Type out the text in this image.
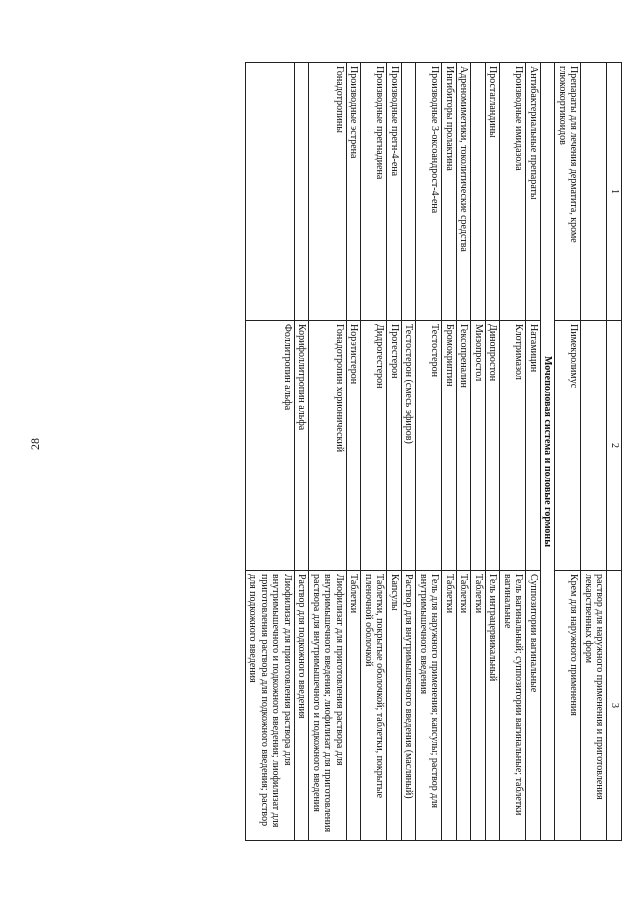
28
1	2	3
		раствор для наружного применения и приготовления лекарственных форм
Препараты для лечения дерматита, кроме глюкокортикоидов	Пимекролимус	Крем для наружного применения
Мочеполовая система и половые гормоны		
Антибактериальные препараты	Натамицин	Суппозитории вагинальные
Производные имидазола	Клотримазол	Гель вагинальный; суппозитории вагинальные; таблетки вагинальные
Простагландины	Динопростон	Гель интрацервикальный
	Мизопростол	Таблетки
Адреномиметики, токолитические средства	Гексопреналин	Таблетки
Ингибиторы пролактина	Бромокриптин	Таблетки
Производные 3-оксоандрост-4-ена	Тестостерон	Гель для наружного применения; капсулы; раствор для внутримышечного введения
	Тестостерон (смесь эфиров)	Раствор для внутримышечного введения (масляный)
Производные прегн-4-ена	Прогестерон	Капсулы
Производные прегнадиена	Дидрогестерон	Таблетки, покрытые оболочкой; таблетки, покрытые пленочной оболочкой
Производные эстрена	Норэтистерон	Таблетки
Гонадотропины	Гонадотропин хорионический	Лиофилизат для приготовления раствора для внутримышечного введения; лиофилизат для приготовления раствора для внутримышечного и подкожного введения
	Корифоллитропин альфа	Раствор для подкожного введения
	Фоллитропин альфа	Лиофилизат для приготовления раствора для внутримышечного и подкожного введения; лиофилизат для приготовления раствора для подкожного введения; раствор для подкожного введения
